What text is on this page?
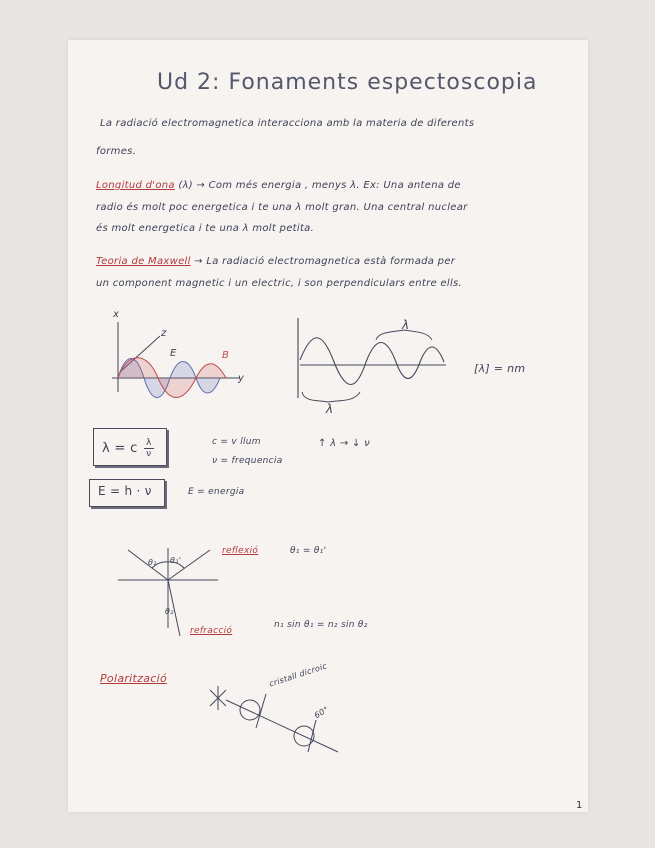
Ud 2: Fonaments espectoscopia
La radiació electromagnetica interacciona amb la materia de diferents
formes.
Longitud d'ona (λ) → Com més energia , menys λ. Ex: Una antena de
radio és molt poc energetica i te una λ molt gran. Una central nuclear
és molt energetica i te una λ molt petita.
Teoria de Maxwell → La radiació electromagnetica està formada per
un component magnetic i un electric, i son perpendiculars entre ells.
x
z
E	B
y
λ
λ
[λ] = nm
λ = c $\frac{\lambda}{\nu}$	c = v llum
ν = frequencia
↑ λ → ↓ ν
E = h · ν	E = energia
θ₁ θ₁'
θ₂
reflexió	θ₁ = θ₁'
refracció
n₁ sin θ₁ = n₂ sin θ₂
Polarització	cristall dicroic
60°
1
